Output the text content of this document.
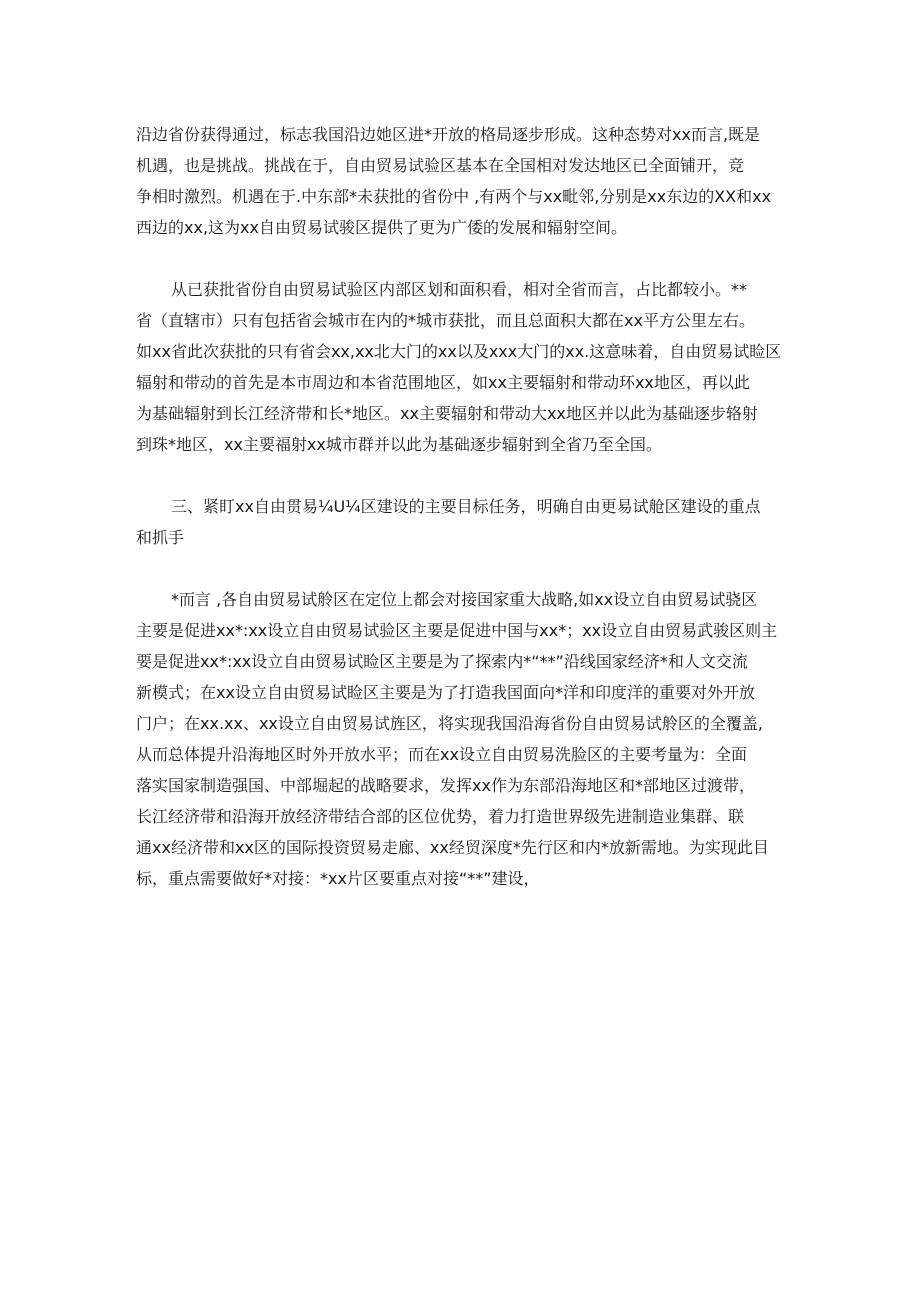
沿边省份获得通过，标志我国沿边她区进*开放的格局逐步形成。这种态势对xx而言,既是
机遇，也是挑战。挑战在于，自由贸易试验区基本在全国相对发达地区已全面铺开，竞
争相时激烈。机遇在于.中东部*未获批的省份中 ,有两个与xx毗邻,分别是xx东边的XX和xx
西边的xx,这为xx自由贸易试骏区提供了更为广倭的发展和辐射空间。

从已获批省份自由贸易试验区内部区划和面积看，相对全省而言，占比都较小。**
省（直辖市）只有包括省会城市在内的*城市获批，而且总面积大都在xx平方公里左右。
如xx省此次获批的只有省会xx,xx北大门的xx以及xxx大门的xx.这意味着，自由贸易试睑区
辐射和带动的首先是本市周边和本省范围地区，如xx主要辐射和带动环xx地区，再以此
为基础辐射到长江经济带和长*地区。xx主要辐射和带动大xx地区并以此为基础逐步辂射
到珠*地区，xx主要福射xx城市群并以此为基础逐步辐射到全省乃至全国。

三、紧盯xx自由贯易¼U¼区建设的主要目标任务，明确自由更易试舱区建设的重点
和抓手

*而言 ,各自由贸易试舲区在定位上都会对接国家重大战略,如xx设立自由贸易试骁区
主要是促进xx*:xx设立自由贸易试验区主要是促进中国与xx*；xx设立自由贸易武骏区则主
要是促进xx*:xx设立自由贸易试睑区主要是为了探索内*“**”沿线国家经济*和人文交流
新模式；在xx设立自由贸易试睑区主要是为了打造我国面向*洋和印度洋的重要对外开放
门户；在xx.xx、xx设立自由贸易试旌区，将实现我国沿海省份自由贸易试舲区的全覆盖,
从而总体提升沿海地区时外开放水平；而在xx设立自由贸易洗脸区的主要考量为：全面
落实国家制造强国、中部堀起的战略要求，发挥xx作为东部沿海地区和*部地区过渡带，
长江经济带和沿海开放经济带结合部的区位优势，着力打造世界级先进制造业集群、联
通xx经济带和xx区的国际投资贸易走廊、xx经贸深度*先行区和内*放新需地。为实现此目
标，重点需要做好*对接：*xx片区要重点对接“**”建设，
